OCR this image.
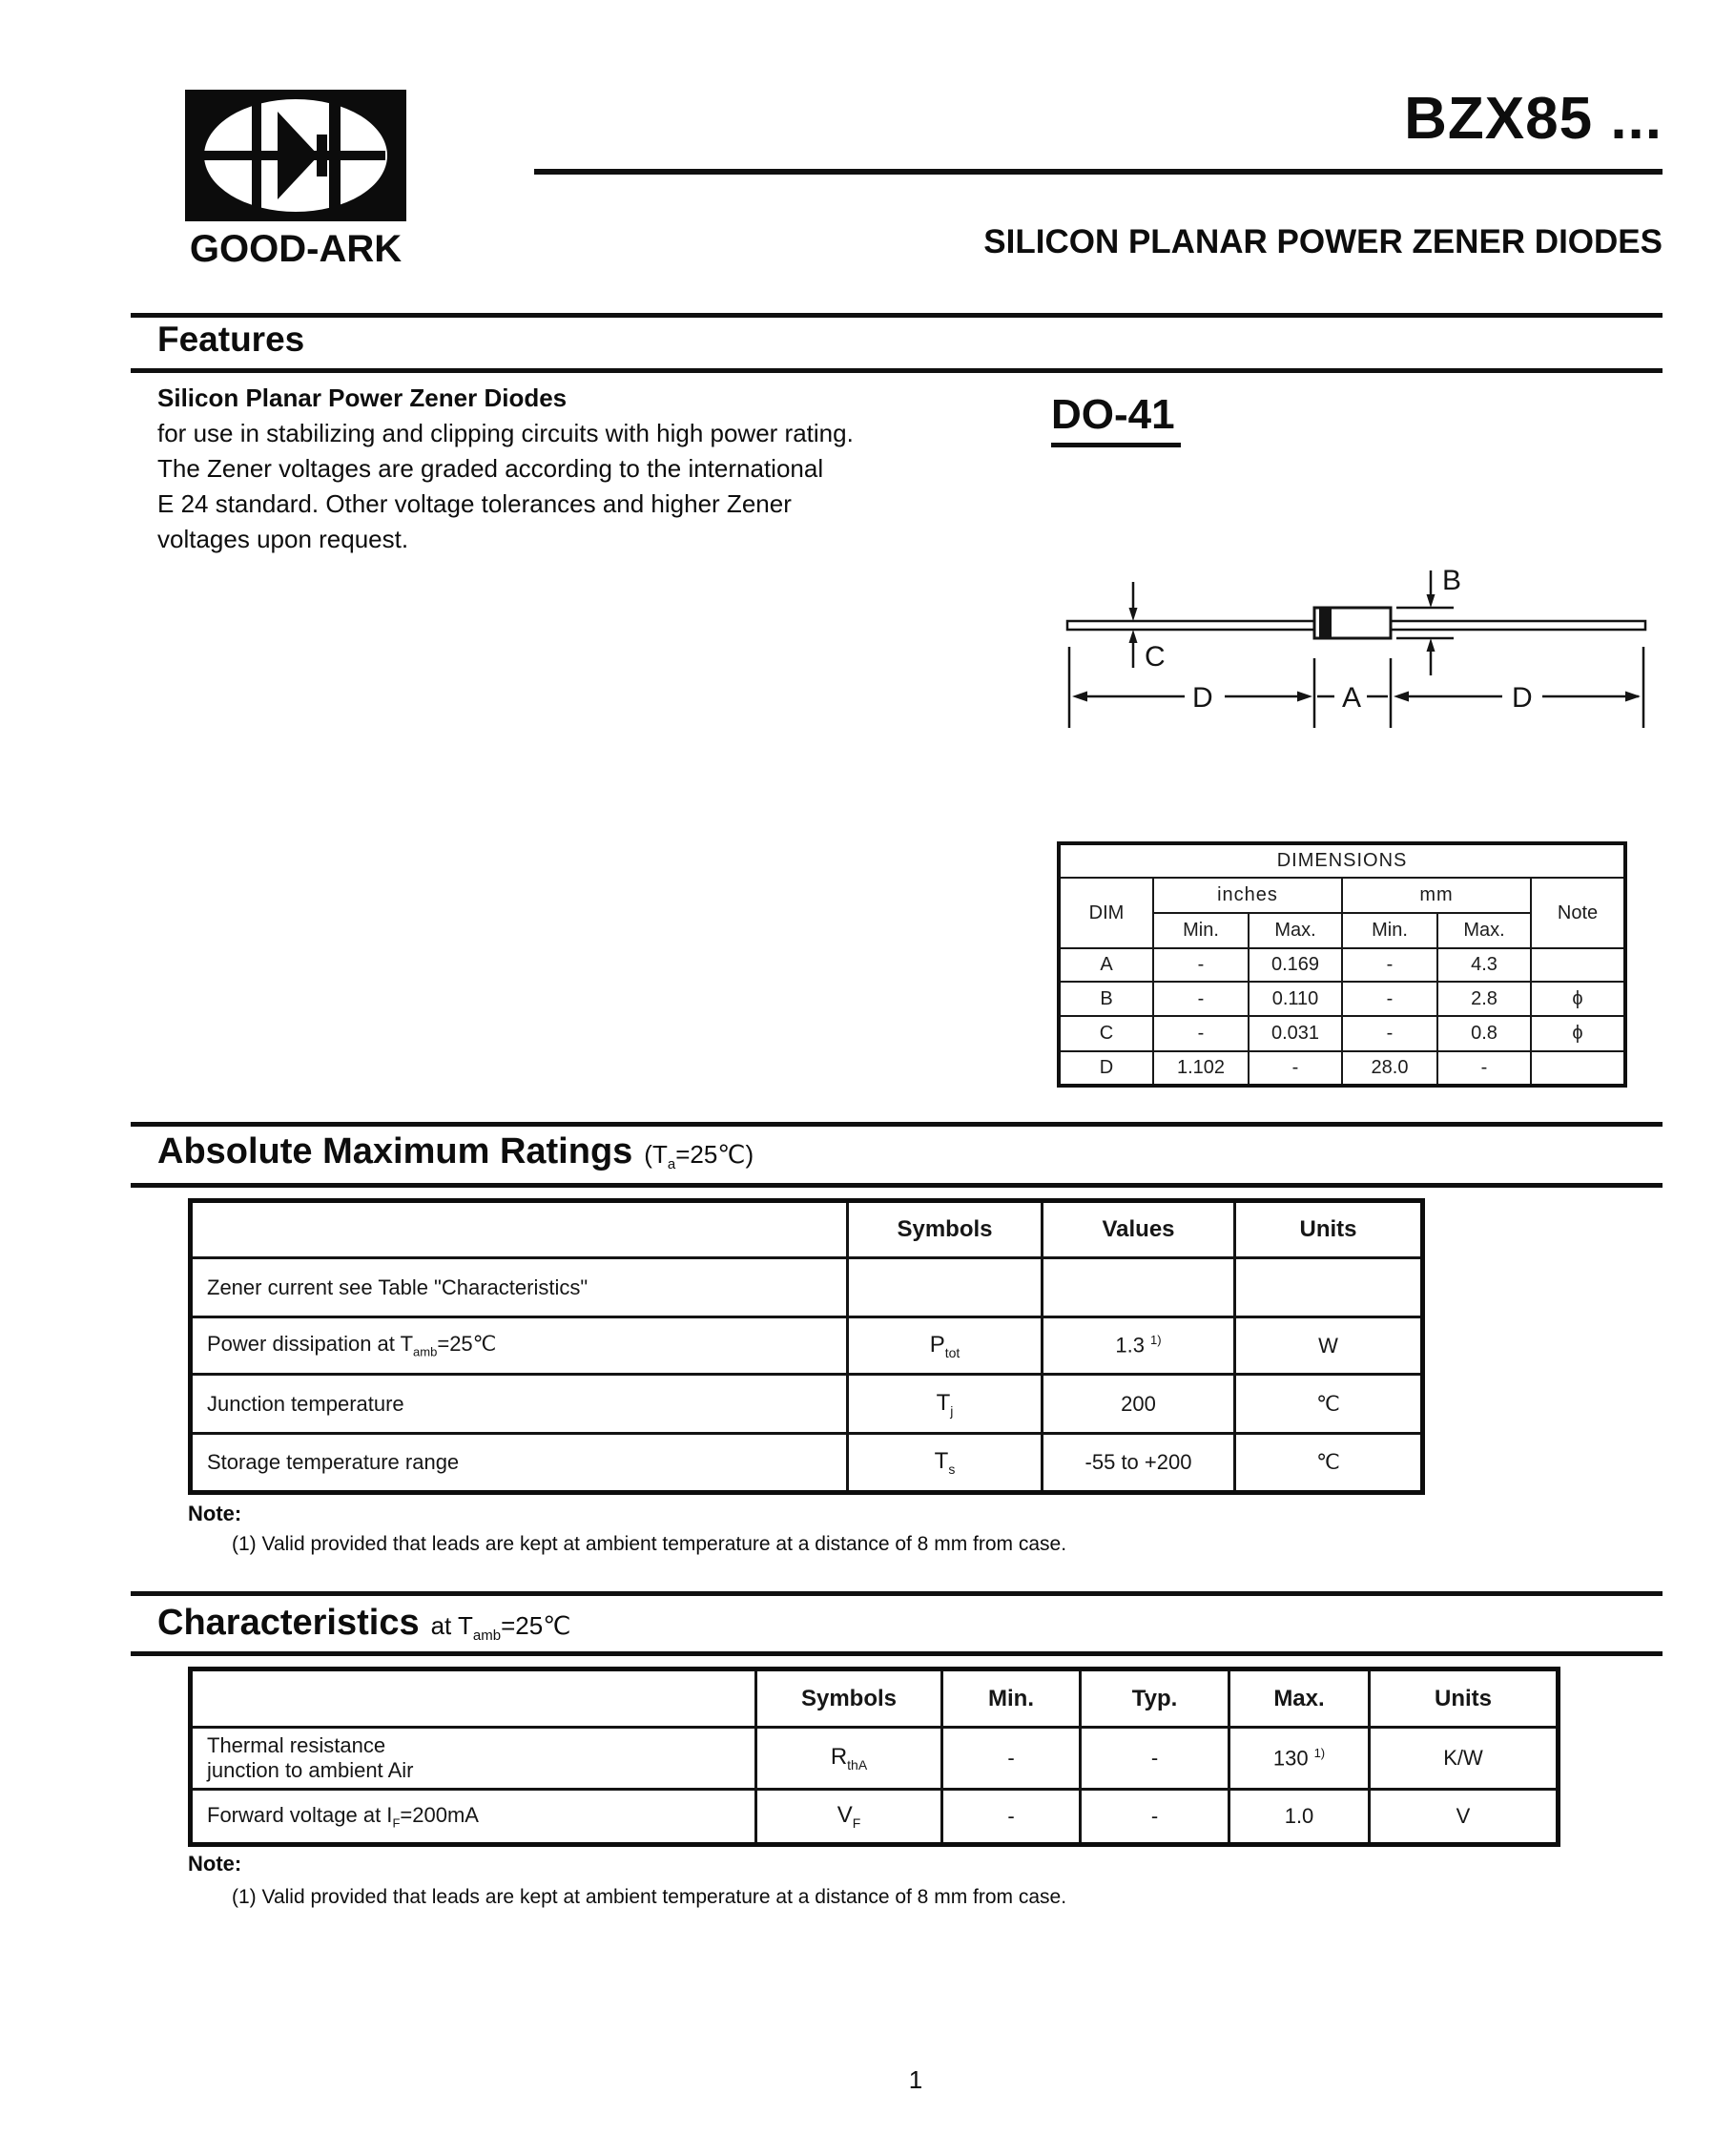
GOOD-ARK
BZX85 ...
SILICON PLANAR POWER ZENER DIODES
Features
Silicon Planar Power Zener Diodes
for use in stabilizing and clipping circuits with high power rating.
The Zener voltages are graded according to the international
E 24 standard. Other voltage tolerances and higher Zener
voltages upon request.
DO-41
C
B
D	A	D
DIMENSIONS					
DIM	inches		mm		Note
	Min.	Max.	Min.	Max.	
A	-	0.169	-	4.3	
B	-	0.110	-	2.8	ϕ
C	-	0.031	-	0.8	ϕ
D	1.102	-	28.0	-	
Absolute Maximum Ratings $(T_a=25℃)$
	Symbols	Values	Units
Zener current see Table "Characteristics"			
Power dissipation at $T_{amb}=25℃$	$P_{tot}$	1.3 $^{1)}$	W
Junction temperature	$T_j$	200	℃
Storage temperature range	$T_s$	-55 to +200	℃
Note:
(1) Valid provided that leads are kept at ambient temperature at a distance of 8 mm from case.
Characteristics at $T_{amb}=25℃$
	Symbols	Min.	Typ.	Max.	Units

Thermal resistance
junction to ambient Air	$R_{thA}$	-	-	130 $^{1)}$	K/W
Forward voltage at $I_F=200mA$	$V_F$	-	-	1.0	V
Note:
(1) Valid provided that leads are kept at ambient temperature at a distance of 8 mm from case.
1
